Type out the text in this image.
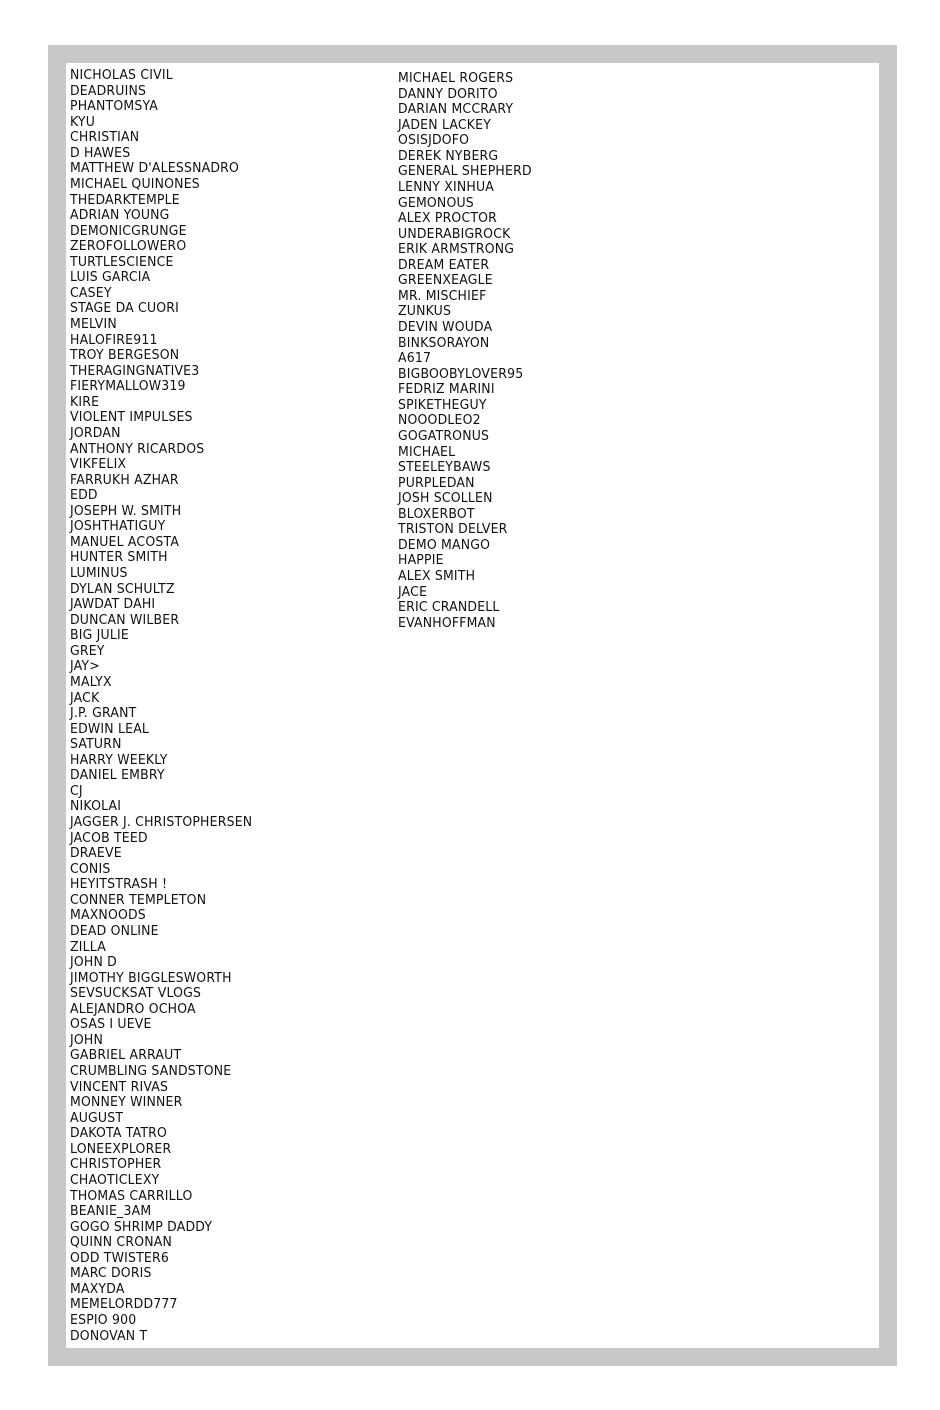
NICHOLAS CIVIL
DEADRUINS
PHANTOMSYA
KYU
CHRISTIAN
D HAWES
MATTHEW D'ALESSNADRO
MICHAEL QUINONES
THEDARKTEMPLE
ADRIAN YOUNG
DEMONICGRUNGE
ZEROFOLLOWERO
TURTLESCIENCE
LUIS GARCIA
CASEY
STAGE DA CUORI
MELVIN
HALOFIRE911
TROY BERGESON
THERAGINGNATIVE3
FIERYMALLOW319
KIRE
VIOLENT IMPULSES
JORDAN
ANTHONY RICARDOS
VIKFELIX
FARRUKH AZHAR
EDD
JOSEPH W. SMITH
JOSHTHATIGUY
MANUEL ACOSTA
HUNTER SMITH
LUMINUS
DYLAN SCHULTZ
JAWDAT DAHI
DUNCAN WILBER
BIG JULIE
GREY
JAY>
MALYX
JACK
J.P. GRANT
EDWIN LEAL
SATURN
HARRY WEEKLY
DANIEL EMBRY
CJ
NIKOLAI
JAGGER J. CHRISTOPHERSEN
JACOB TEED
DRAEVE
CONIS
HEYITSTRASH !
CONNER TEMPLETON
MAXNOODS
DEAD ONLINE
ZILLA
JOHN D
JIMOTHY BIGGLESWORTH
SEVSUCKSAT VLOGS
ALEJANDRO OCHOA
OSAS I UEVE
JOHN
GABRIEL ARRAUT
CRUMBLING SANDSTONE
VINCENT RIVAS
MONNEY WINNER
AUGUST
DAKOTA TATRO
LONEEXPLORER
CHRISTOPHER
CHAOTICLEXY
THOMAS CARRILLO
BEANIE_3AM
GOGO SHRIMP DADDY
QUINN CRONAN
ODD TWISTER6
MARC DORIS
MAXYDA
MEMELORDD777
ESPIO 900
DONOVAN T
MICHAEL ROGERS
DANNY DORITO
DARIAN MCCRARY
JADEN LACKEY
OSISJDOFO
DEREK NYBERG
GENERAL SHEPHERD
LENNY XINHUA
GEMONOUS
ALEX PROCTOR
UNDERABIGROCK
ERIK ARMSTRONG
DREAM EATER
GREENXEAGLE
MR. MISCHIEF
ZUNKUS
DEVIN WOUDA
BINKSORAYON
A617
BIGBOOBYLOVER95
FEDRIZ MARINI
SPIKETHEGUY
NOOODLEO2
GOGATRONUS
MICHAEL
STEELEYBAWS
PURPLEDAN
JOSH SCOLLEN
BLOXERBOT
TRISTON DELVER
DEMO MANGO
HAPPIE
ALEX SMITH
JACE
ERIC CRANDELL
EVANHOFFMAN
